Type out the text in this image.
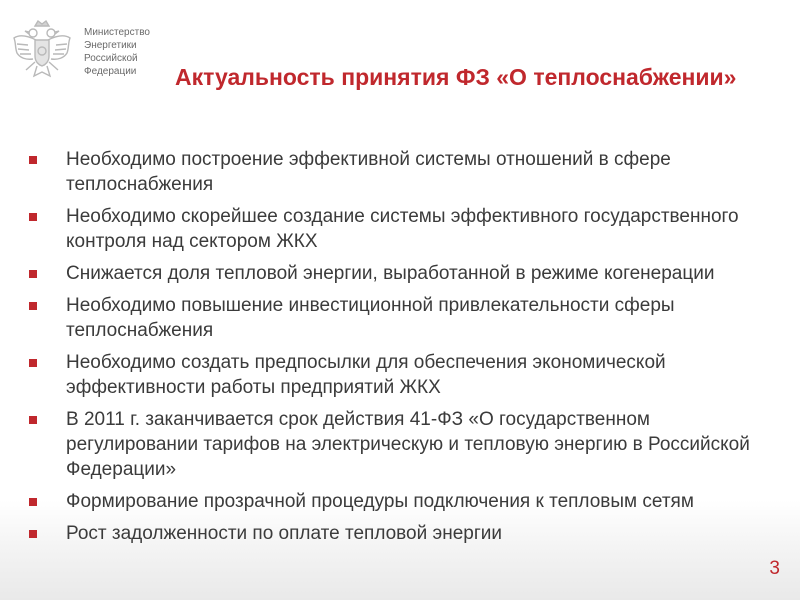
Министерство
Энергетики
Российской
Федерации	Актуальность принятия ФЗ «О теплоснабжении»
Необходимо построение эффективной системы отношений в сфере теплоснабжения
Необходимо скорейшее создание системы эффективного государственного контроля над сектором ЖКХ
Снижается доля тепловой энергии, выработанной в режиме когенерации
Необходимо повышение инвестиционной привлекательности сферы теплоснабжения
Необходимо создать предпосылки для обеспечения экономической эффективности работы предприятий ЖКХ
В 2011 г. заканчивается срок действия 41-ФЗ «О государственном регулировании тарифов на электрическую и тепловую энергию в Российской Федерации»
Формирование прозрачной процедуры подключения к тепловым сетям
Рост задолженности по оплате тепловой энергии
3
